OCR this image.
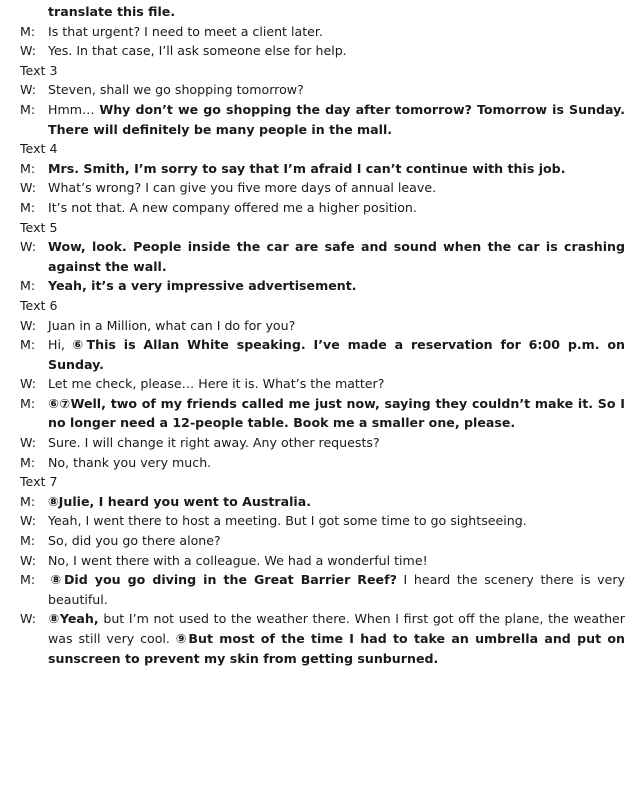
translate this file.

M: Is that urgent? I need to meet a client later.

W: Yes. In that case, I’ll ask someone else for help.

Text 3

W: Steven, shall we go shopping tomorrow?

M: Hmm… Why don’t we go shopping the day after tomorrow? Tomorrow is Sunday. There will definitely be many people in the mall.

Text 4

M: Mrs. Smith, I’m sorry to say that I’m afraid I can’t continue with this job.

W: What’s wrong? I can give you five more days of annual leave.

M: It’s not that. A new company offered me a higher position.

Text 5

W: Wow, look. People inside the car are safe and sound when the car is crashing against the wall.

M: Yeah, it’s a very impressive advertisement.

Text 6

W: Juan in a Million, what can I do for you?

M: Hi, ⑥This is Allan White speaking. I’ve made a reservation for 6:00 p.m. on Sunday.

W: Let me check, please… Here it is. What’s the matter?

M: ⑥⑦Well, two of my friends called me just now, saying they couldn’t make it. So I no longer need a 12-people table. Book me a smaller one, please.

W: Sure. I will change it right away. Any other requests?

M: No, thank you very much.

Text 7

M: ⑧Julie, I heard you went to Australia.

W: Yeah, I went there to host a meeting. But I got some time to go sightseeing.

M: So, did you go there alone?

W: No, I went there with a colleague. We had a wonderful time!

M: ⑧Did you go diving in the Great Barrier Reef? I heard the scenery there is very beautiful.

W: ⑧Yeah, but I’m not used to the weather there. When I first got off the plane, the weather was still very cool. ⑨But most of the time I had to take an umbrella and put on sunscreen to prevent my skin from getting sunburned.
